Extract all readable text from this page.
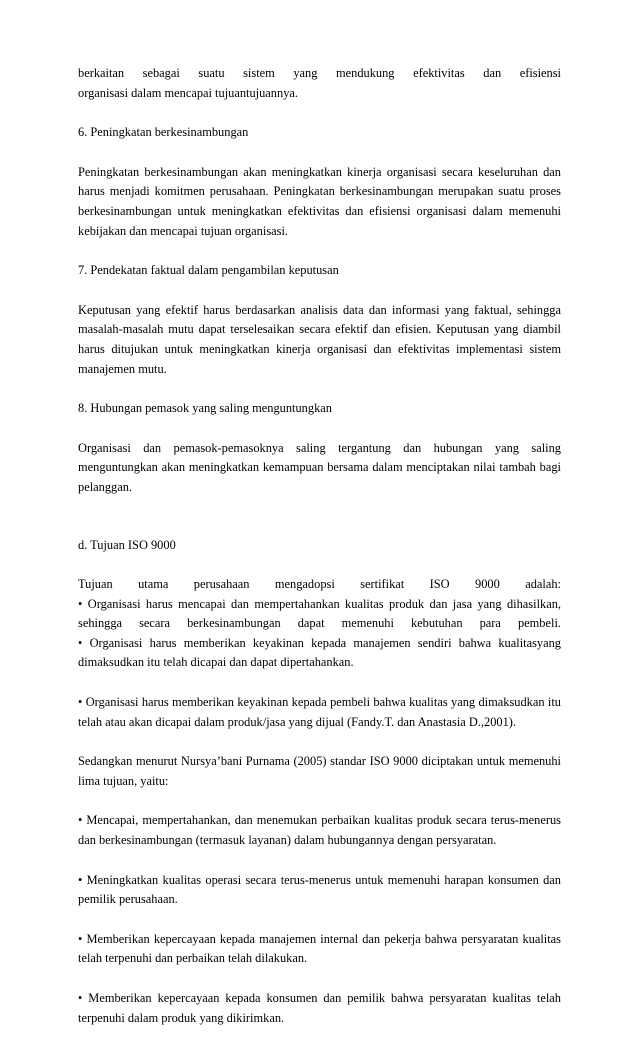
berkaitan sebagai suatu sistem yang mendukung efektivitas dan efisiensi
organisasi dalam mencapai tujuantujuannya.
6. Peningkatan berkesinambungan
Peningkatan berkesinambungan akan meningkatkan kinerja organisasi secara keseluruhan dan harus menjadi komitmen perusahaan. Peningkatan berkesinambungan merupakan suatu proses berkesinambungan untuk meningkatkan efektivitas dan efisiensi organisasi dalam memenuhi kebijakan dan mencapai tujuan organisasi.
7. Pendekatan faktual dalam pengambilan keputusan
Keputusan yang efektif harus berdasarkan analisis data dan informasi yang faktual, sehingga masalah-masalah mutu dapat terselesaikan secara efektif dan efisien. Keputusan yang diambil harus ditujukan untuk meningkatkan kinerja organisasi dan efektivitas implementasi sistem manajemen mutu.
8. Hubungan pemasok yang saling menguntungkan
Organisasi dan pemasok-pemasoknya saling tergantung dan hubungan yang saling menguntungkan akan meningkatkan kemampuan bersama dalam menciptakan nilai tambah bagi pelanggan.
d. Tujuan ISO 9000
Tujuan utama perusahaan mengadopsi sertifikat ISO 9000 adalah:
• Organisasi harus mencapai dan mempertahankan kualitas produk dan jasa yang dihasilkan,
sehingga secara berkesinambungan dapat memenuhi kebutuhan para pembeli.
• Organisasi harus memberikan keyakinan kepada manajemen sendiri bahwa kualitasyang
dimaksudkan itu telah dicapai dan dapat dipertahankan.
• Organisasi harus memberikan keyakinan kepada pembeli bahwa kualitas yang dimaksudkan itu telah atau akan dicapai dalam produk/jasa yang dijual (Fandy.T. dan Anastasia D.,2001).
Sedangkan menurut Nursya’bani Purnama (2005) standar ISO 9000 diciptakan untuk memenuhi lima tujuan, yaitu:
• Mencapai, mempertahankan, dan menemukan perbaikan kualitas produk secara terus-menerus dan berkesinambungan (termasuk layanan) dalam hubungannya dengan persyaratan.
• Meningkatkan kualitas operasi secara terus-menerus untuk memenuhi harapan konsumen dan pemilik perusahaan.
• Memberikan kepercayaan kepada manajemen internal dan pekerja bahwa persyaratan kualitas telah terpenuhi dan perbaikan telah dilakukan.
• Memberikan kepercayaan kepada konsumen dan pemilik bahwa persyaratan kualitas telah terpenuhi dalam produk yang dikirimkan.
